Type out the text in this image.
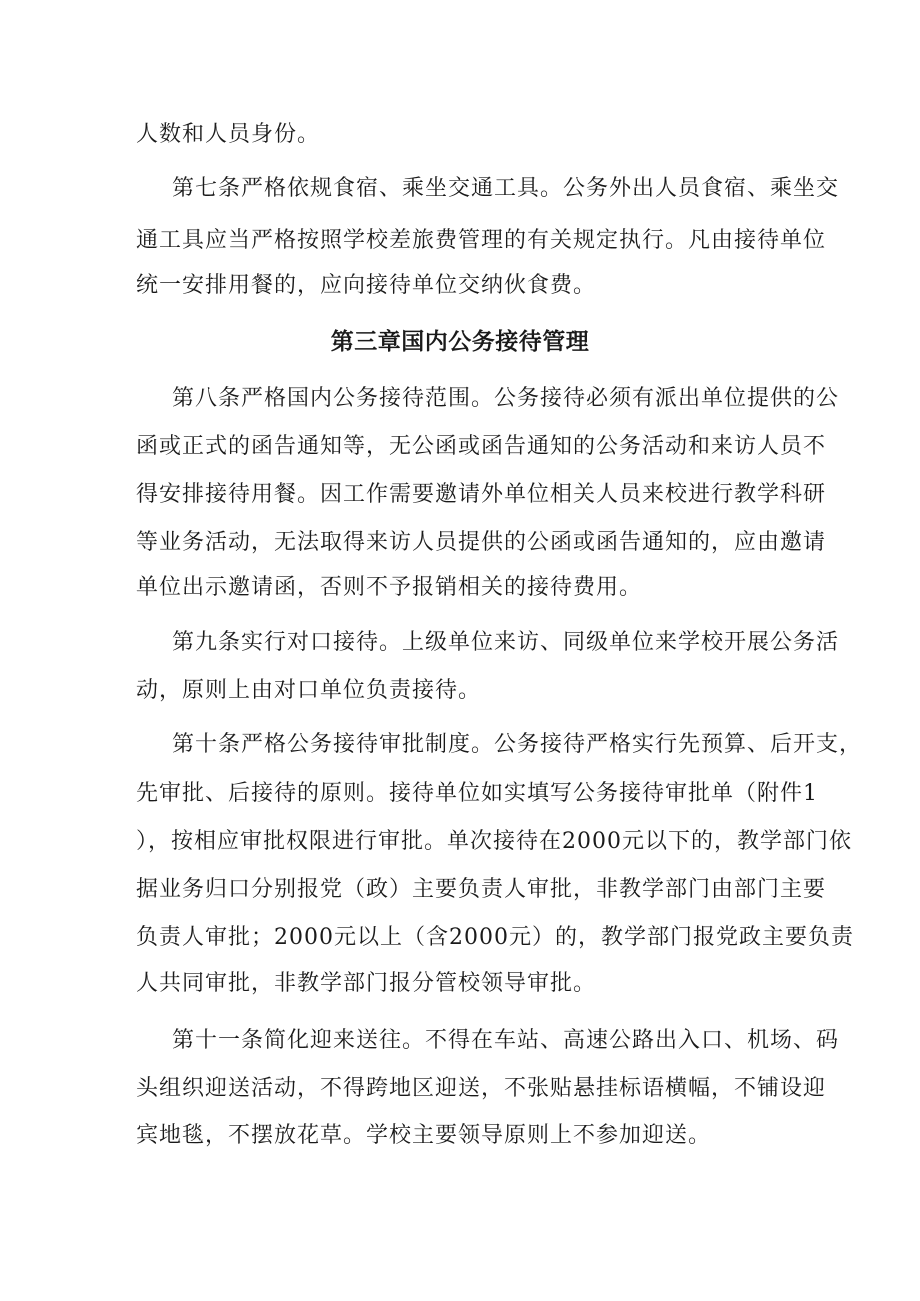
人数和人员身份。
第七条严格依规食宿、乘坐交通工具。公务外出人员食宿、乘坐交
通工具应当严格按照学校差旅费管理的有关规定执行。凡由接待单位
统一安排用餐的，应向接待单位交纳伙食费。
第三章国内公务接待管理
第八条严格国内公务接待范围。公务接待必须有派出单位提供的公
函或正式的函告通知等，无公函或函告通知的公务活动和来访人员不
得安排接待用餐。因工作需要邀请外单位相关人员来校进行教学科研
等业务活动，无法取得来访人员提供的公函或函告通知的，应由邀请
单位出示邀请函，否则不予报销相关的接待费用。
第九条实行对口接待。上级单位来访、同级单位来学校开展公务活
动，原则上由对口单位负责接待。
第十条严格公务接待审批制度。公务接待严格实行先预算、后开支，
先审批、后接待的原则。接待单位如实填写公务接待审批单（附件1
），按相应审批权限进行审批。单次接待在2000元以下的，教学部门依
据业务归口分别报党（政）主要负责人审批，非教学部门由部门主要
负责人审批；2000元以上（含2000元）的，教学部门报党政主要负责
人共同审批，非教学部门报分管校领导审批。
第十一条简化迎来送往。不得在车站、高速公路出入口、机场、码
头组织迎送活动，不得跨地区迎送，不张贴悬挂标语横幅，不铺设迎
宾地毯，不摆放花草。学校主要领导原则上不参加迎送。
